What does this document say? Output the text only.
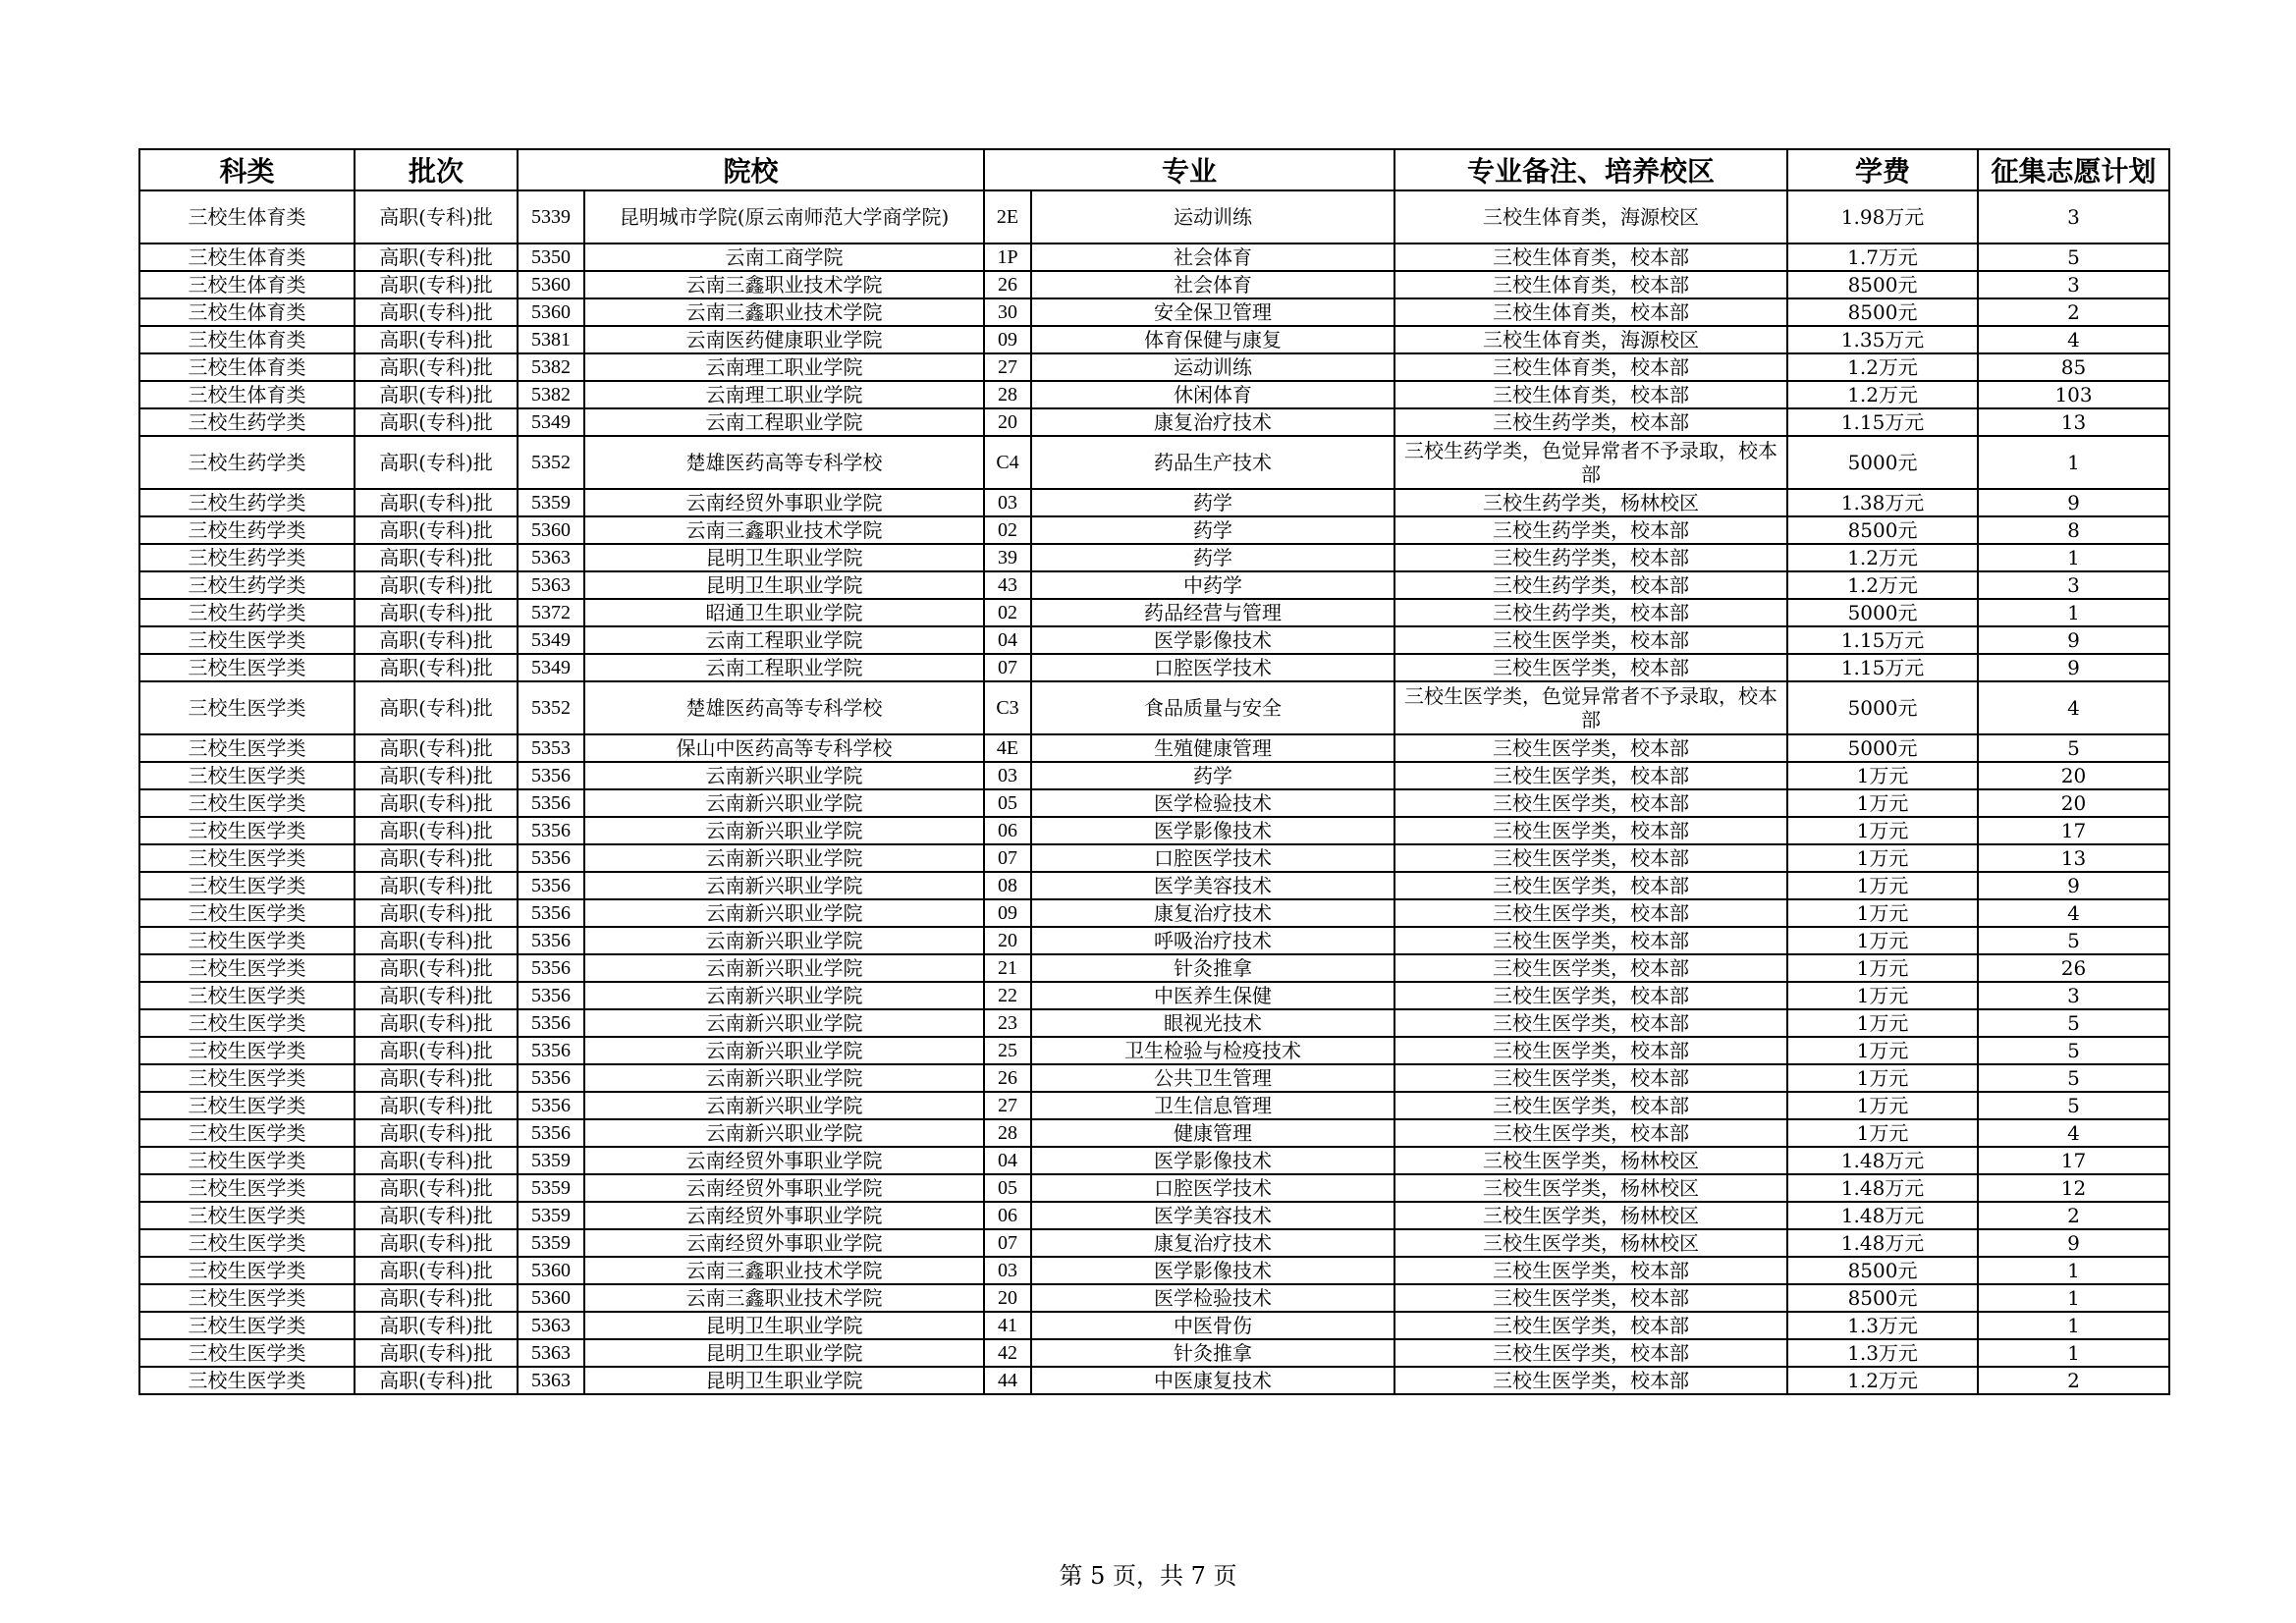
科类	批次	院校		专业		专业备注、培养校区	学费	征集志愿计划
三校生体育类	高职(专科)批	5339	昆明城市学院(原云南师范大学商学院)	2E	运动训练	三校生体育类，海源校区	1.98万元	3
三校生体育类	高职(专科)批	5350	云南工商学院	1P	社会体育	三校生体育类，校本部	1.7万元	5
三校生体育类	高职(专科)批	5360	云南三鑫职业技术学院	26	社会体育	三校生体育类，校本部	8500元	3
三校生体育类	高职(专科)批	5360	云南三鑫职业技术学院	30	安全保卫管理	三校生体育类，校本部	8500元	2
三校生体育类	高职(专科)批	5381	云南医药健康职业学院	09	体育保健与康复	三校生体育类，海源校区	1.35万元	4
三校生体育类	高职(专科)批	5382	云南理工职业学院	27	运动训练	三校生体育类，校本部	1.2万元	85
三校生体育类	高职(专科)批	5382	云南理工职业学院	28	休闲体育	三校生体育类，校本部	1.2万元	103
三校生药学类	高职(专科)批	5349	云南工程职业学院	20	康复治疗技术	三校生药学类，校本部	1.15万元	13
三校生药学类	高职(专科)批	5352	楚雄医药高等专科学校	C4	药品生产技术	三校生药学类，色觉异常者不予录取，校本部	5000元	1
三校生药学类	高职(专科)批	5359	云南经贸外事职业学院	03	药学	三校生药学类，杨林校区	1.38万元	9
三校生药学类	高职(专科)批	5360	云南三鑫职业技术学院	02	药学	三校生药学类，校本部	8500元	8
三校生药学类	高职(专科)批	5363	昆明卫生职业学院	39	药学	三校生药学类，校本部	1.2万元	1
三校生药学类	高职(专科)批	5363	昆明卫生职业学院	43	中药学	三校生药学类，校本部	1.2万元	3
三校生药学类	高职(专科)批	5372	昭通卫生职业学院	02	药品经营与管理	三校生药学类，校本部	5000元	1
三校生医学类	高职(专科)批	5349	云南工程职业学院	04	医学影像技术	三校生医学类，校本部	1.15万元	9
三校生医学类	高职(专科)批	5349	云南工程职业学院	07	口腔医学技术	三校生医学类，校本部	1.15万元	9
三校生医学类	高职(专科)批	5352	楚雄医药高等专科学校	C3	食品质量与安全	三校生医学类，色觉异常者不予录取，校本部	5000元	4
三校生医学类	高职(专科)批	5353	保山中医药高等专科学校	4E	生殖健康管理	三校生医学类，校本部	5000元	5
三校生医学类	高职(专科)批	5356	云南新兴职业学院	03	药学	三校生医学类，校本部	1万元	20
三校生医学类	高职(专科)批	5356	云南新兴职业学院	05	医学检验技术	三校生医学类，校本部	1万元	20
三校生医学类	高职(专科)批	5356	云南新兴职业学院	06	医学影像技术	三校生医学类，校本部	1万元	17
三校生医学类	高职(专科)批	5356	云南新兴职业学院	07	口腔医学技术	三校生医学类，校本部	1万元	13
三校生医学类	高职(专科)批	5356	云南新兴职业学院	08	医学美容技术	三校生医学类，校本部	1万元	9
三校生医学类	高职(专科)批	5356	云南新兴职业学院	09	康复治疗技术	三校生医学类，校本部	1万元	4
三校生医学类	高职(专科)批	5356	云南新兴职业学院	20	呼吸治疗技术	三校生医学类，校本部	1万元	5
三校生医学类	高职(专科)批	5356	云南新兴职业学院	21	针灸推拿	三校生医学类，校本部	1万元	26
三校生医学类	高职(专科)批	5356	云南新兴职业学院	22	中医养生保健	三校生医学类，校本部	1万元	3
三校生医学类	高职(专科)批	5356	云南新兴职业学院	23	眼视光技术	三校生医学类，校本部	1万元	5
三校生医学类	高职(专科)批	5356	云南新兴职业学院	25	卫生检验与检疫技术	三校生医学类，校本部	1万元	5
三校生医学类	高职(专科)批	5356	云南新兴职业学院	26	公共卫生管理	三校生医学类，校本部	1万元	5
三校生医学类	高职(专科)批	5356	云南新兴职业学院	27	卫生信息管理	三校生医学类，校本部	1万元	5
三校生医学类	高职(专科)批	5356	云南新兴职业学院	28	健康管理	三校生医学类，校本部	1万元	4
三校生医学类	高职(专科)批	5359	云南经贸外事职业学院	04	医学影像技术	三校生医学类，杨林校区	1.48万元	17
三校生医学类	高职(专科)批	5359	云南经贸外事职业学院	05	口腔医学技术	三校生医学类，杨林校区	1.48万元	12
三校生医学类	高职(专科)批	5359	云南经贸外事职业学院	06	医学美容技术	三校生医学类，杨林校区	1.48万元	2
三校生医学类	高职(专科)批	5359	云南经贸外事职业学院	07	康复治疗技术	三校生医学类，杨林校区	1.48万元	9
三校生医学类	高职(专科)批	5360	云南三鑫职业技术学院	03	医学影像技术	三校生医学类，校本部	8500元	1
三校生医学类	高职(专科)批	5360	云南三鑫职业技术学院	20	医学检验技术	三校生医学类，校本部	8500元	1
三校生医学类	高职(专科)批	5363	昆明卫生职业学院	41	中医骨伤	三校生医学类，校本部	1.3万元	1
三校生医学类	高职(专科)批	5363	昆明卫生职业学院	42	针灸推拿	三校生医学类，校本部	1.3万元	1
三校生医学类	高职(专科)批	5363	昆明卫生职业学院	44	中医康复技术	三校生医学类，校本部	1.2万元	2
第 5 页，共 7 页
